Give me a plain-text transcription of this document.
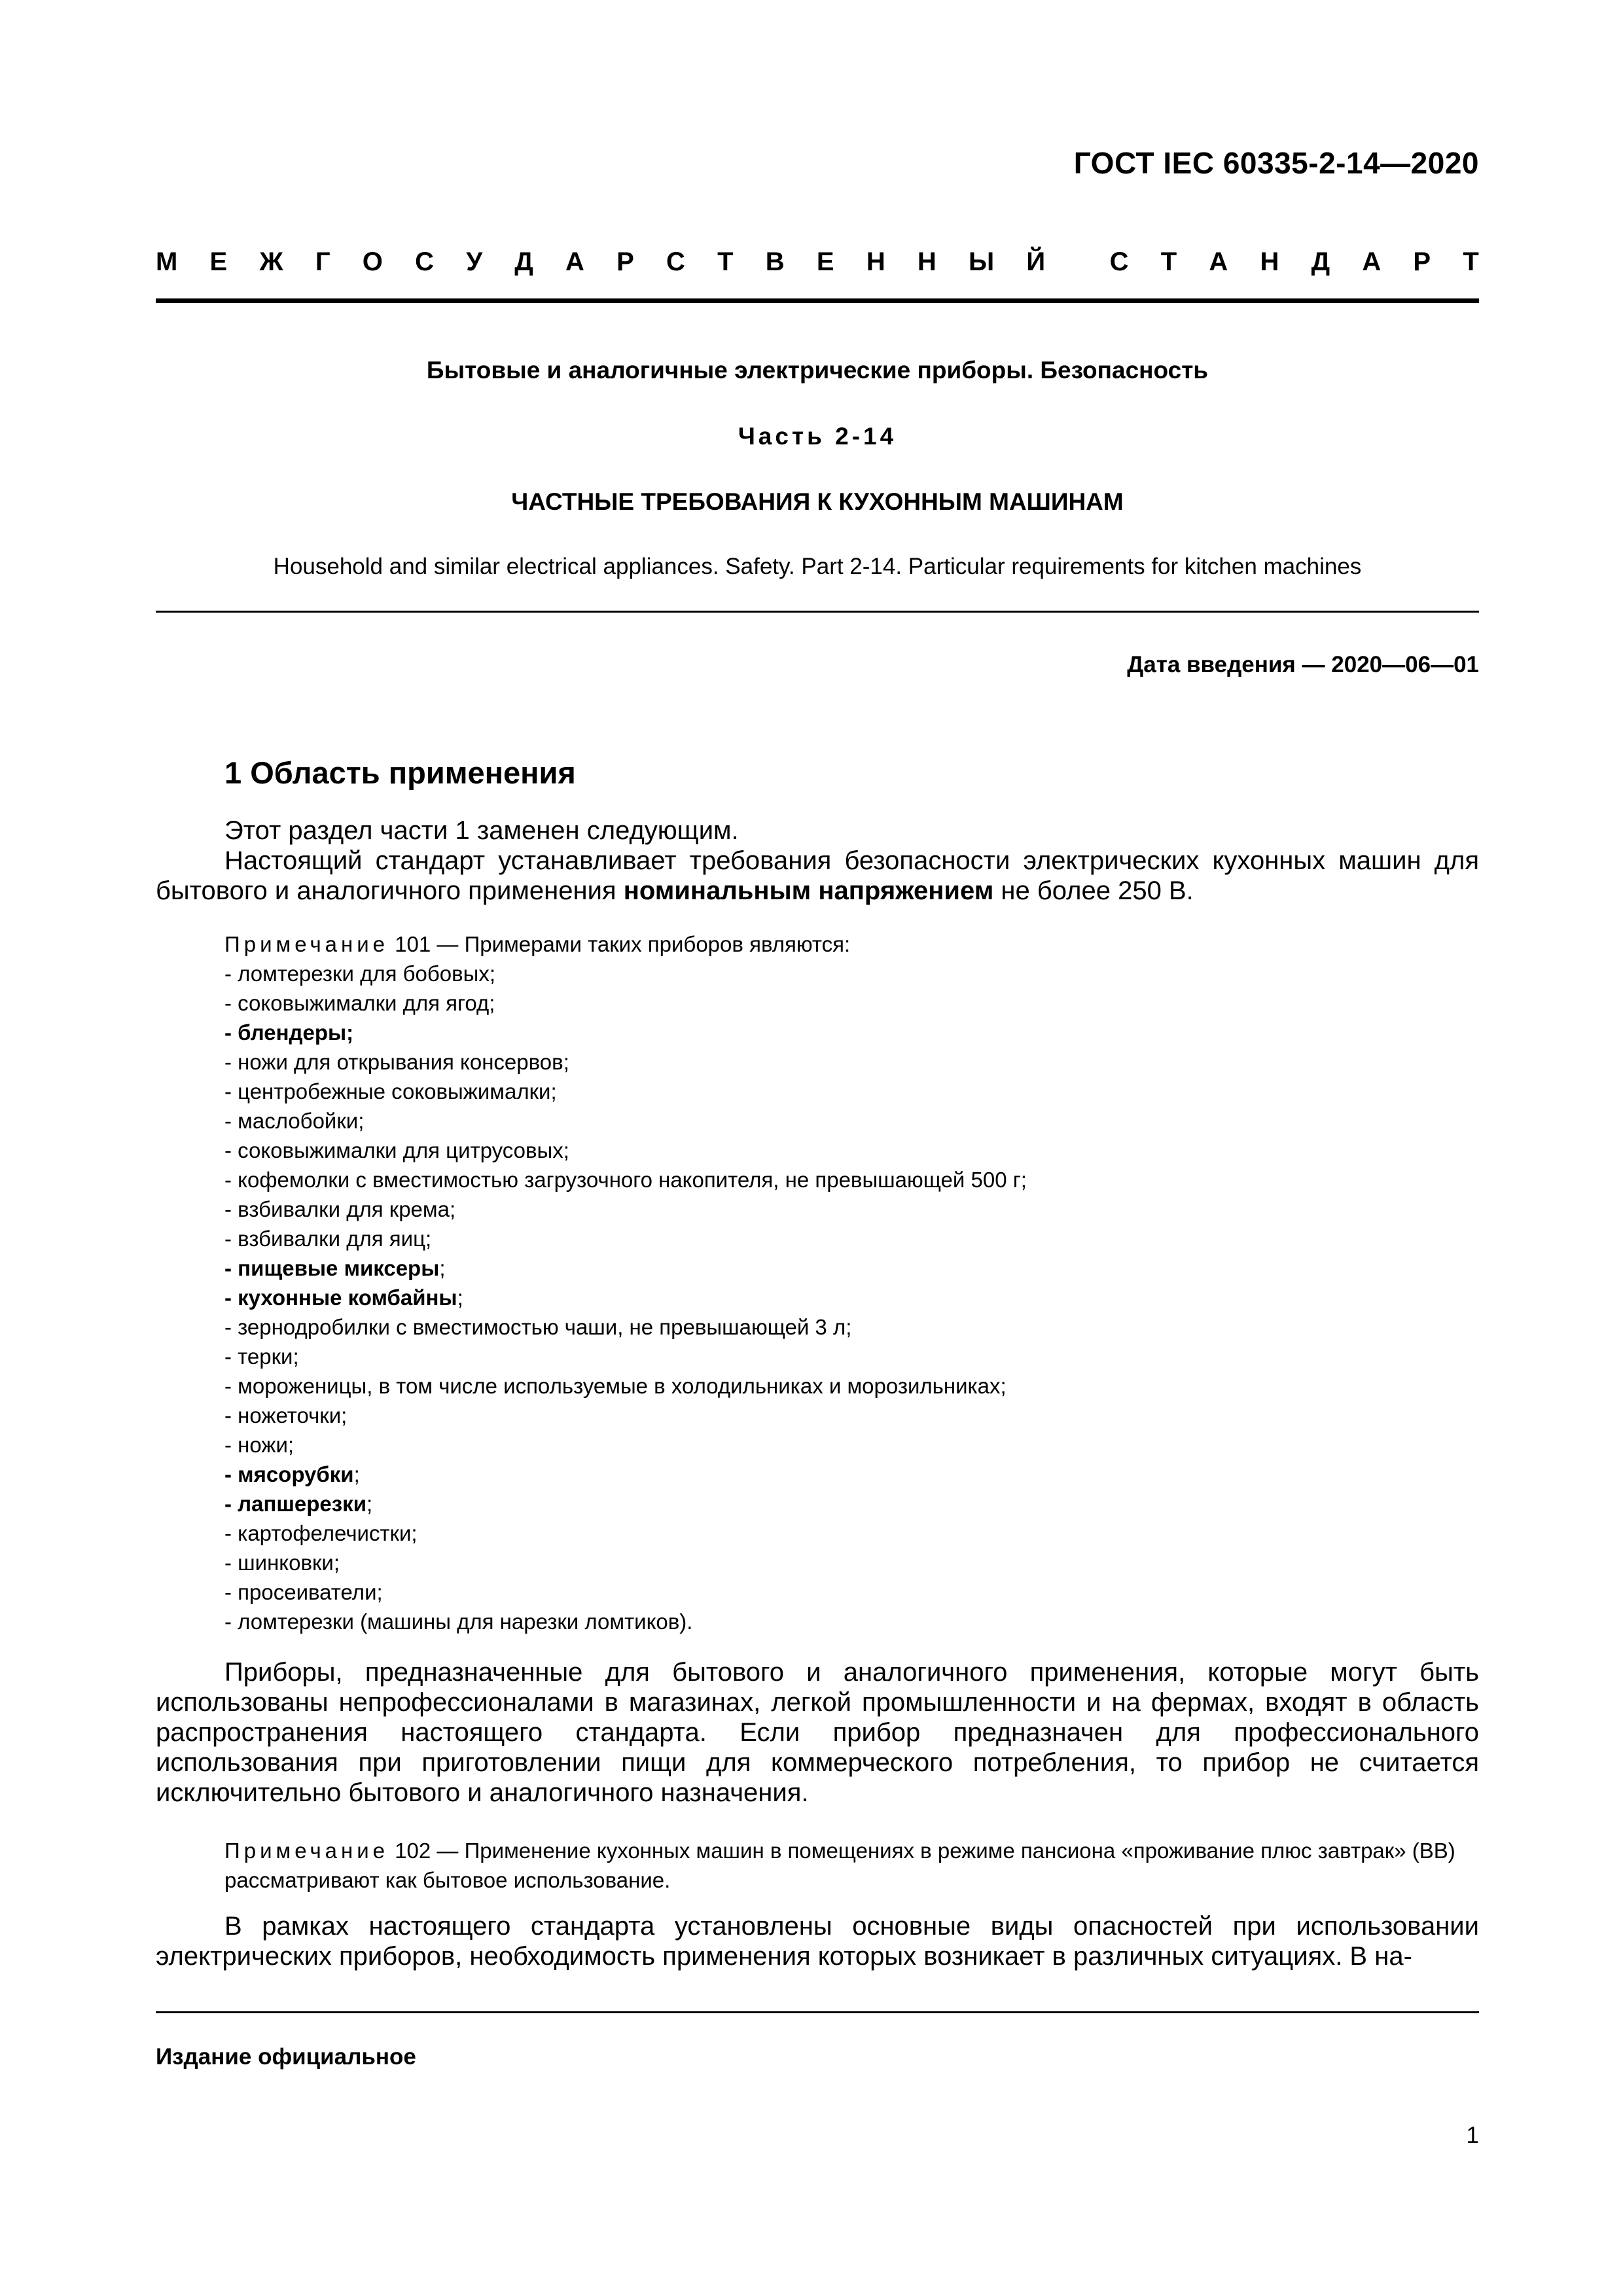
ГОСТ IEC 60335-2-14—2020
М Е Ж Г О С У Д А Р С Т В Е Н Н Ы Й С Т А Н Д А Р Т
Бытовые и аналогичные электрические приборы. Безопасность
Часть 2-14
ЧАСТНЫЕ ТРЕБОВАНИЯ К КУХОННЫМ МАШИНАМ
Household and similar electrical appliances. Safety. Part 2-14. Particular requirements for kitchen machines
Дата введения — 2020—06—01
1 Область применения

Этот раздел части 1 заменен следующим.

Настоящий стандарт устанавливает требования безопасности электрических кухонных машин для бытового и аналогичного применения номинальным напряжением не более 250 В.

Примечание 101 — Примерами таких приборов являются:
- ломтерезки для бобовых;
- соковыжималки для ягод;
- блендеры;
- ножи для открывания консервов;
- центробежные соковыжималки;
- маслобойки;
- соковыжималки для цитрусовых;
- кофемолки с вместимостью загрузочного накопителя, не превышающей 500 г;
- взбивалки для крема;
- взбивалки для яиц;
- пищевые миксеры;
- кухонные комбайны;
- зернодробилки с вместимостью чаши, не превышающей 3 л;
- терки;
- мороженицы, в том числе используемые в холодильниках и морозильниках;
- ножеточки;
- ножи;
- мясорубки;
- лапшерезки;
- картофелечистки;
- шинковки;
- просеиватели;
- ломтерезки (машины для нарезки ломтиков).

Приборы, предназначенные для бытового и аналогичного применения, которые могут быть использованы непрофессионалами в магазинах, легкой промышленности и на фермах, входят в область распространения настоящего стандарта. Если прибор предназначен для профессионального использования при приготовлении пищи для коммерческого потребления, то прибор не считается исключительно бытового и аналогичного назначения.

Примечание 102 — Применение кухонных машин в помещениях в режиме пансиона «проживание плюс завтрак» (BB) рассматривают как бытовое использование.

В рамках настоящего стандарта установлены основные виды опасностей при использовании электрических приборов, необходимость применения которых возникает в различных ситуациях. В на-

Издание официальное
1
